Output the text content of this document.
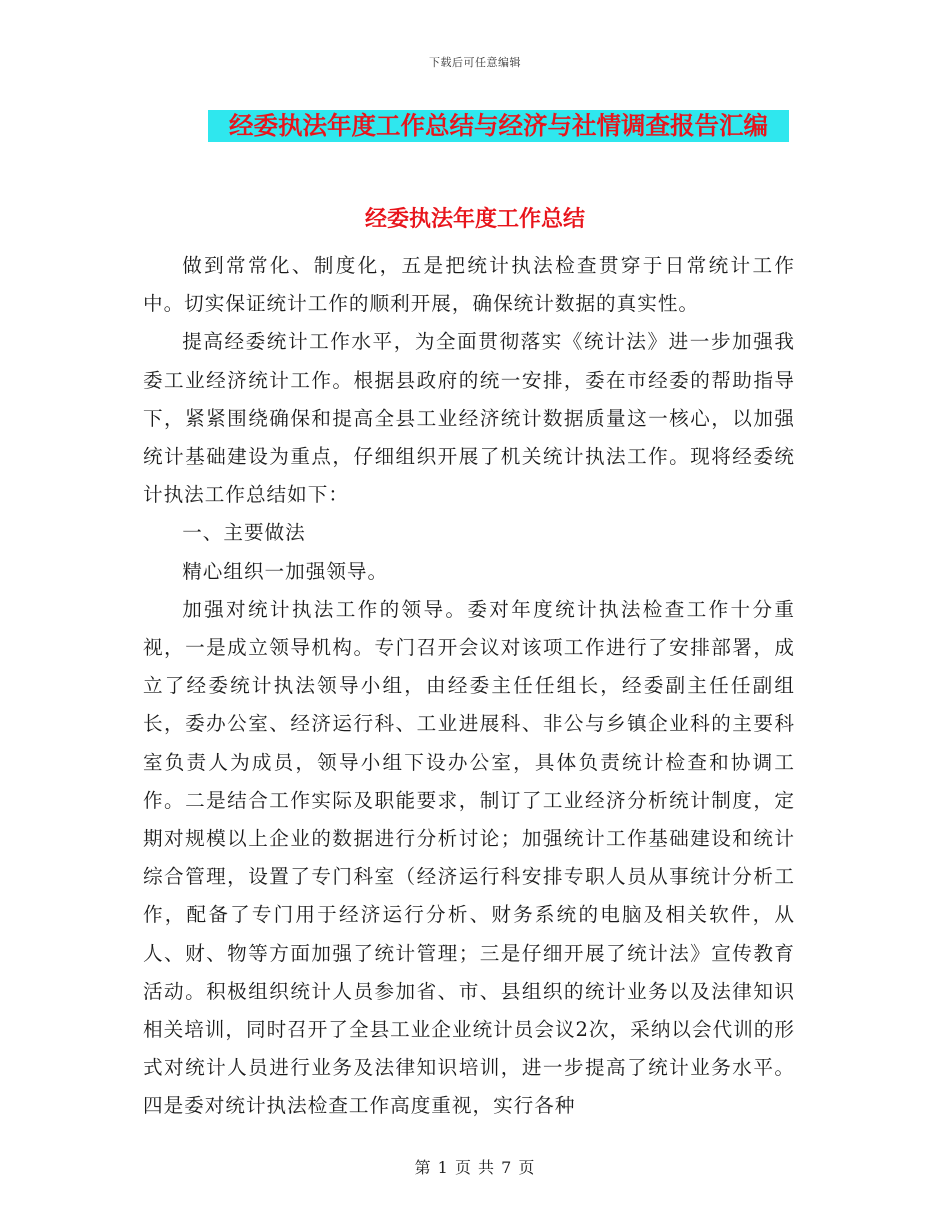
下载后可任意编辑
经委执法年度工作总结与经济与社情调查报告汇编
经委执法年度工作总结

做到常常化、制度化，五是把统计执法检查贯穿于日常统计工作中。切实保证统计工作的顺利开展，确保统计数据的真实性。

提高经委统计工作水平，为全面贯彻落实《统计法》进一步加强我委工业经济统计工作。根据县政府的统一安排，委在市经委的帮助指导下，紧紧围绕确保和提高全县工业经济统计数据质量这一核心，以加强统计基础建设为重点，仔细组织开展了机关统计执法工作。现将经委统计执法工作总结如下：

一、主要做法

精心组织一加强领导。

加强对统计执法工作的领导。委对年度统计执法检查工作十分重视，一是成立领导机构。专门召开会议对该项工作进行了安排部署，成立了经委统计执法领导小组，由经委主任任组长，经委副主任任副组长，委办公室、经济运行科、工业进展科、非公与乡镇企业科的主要科室负责人为成员，领导小组下设办公室，具体负责统计检查和协调工作。二是结合工作实际及职能要求，制订了工业经济分析统计制度，定期对规模以上企业的数据进行分析讨论；加强统计工作基础建设和统计综合管理，设置了专门科室（经济运行科安排专职人员从事统计分析工作，配备了专门用于经济运行分析、财务系统的电脑及相关软件，从人、财、物等方面加强了统计管理；三是仔细开展了统计法》宣传教育活动。积极组织统计人员参加省、市、县组织的统计业务以及法律知识相关培训，同时召开了全县工业企业统计员会议2次，采纳以会代训的形式对统计人员进行业务及法律知识培训，进一步提高了统计业务水平。四是委对统计执法检查工作高度重视，实行各种

第 1 页 共 7 页
